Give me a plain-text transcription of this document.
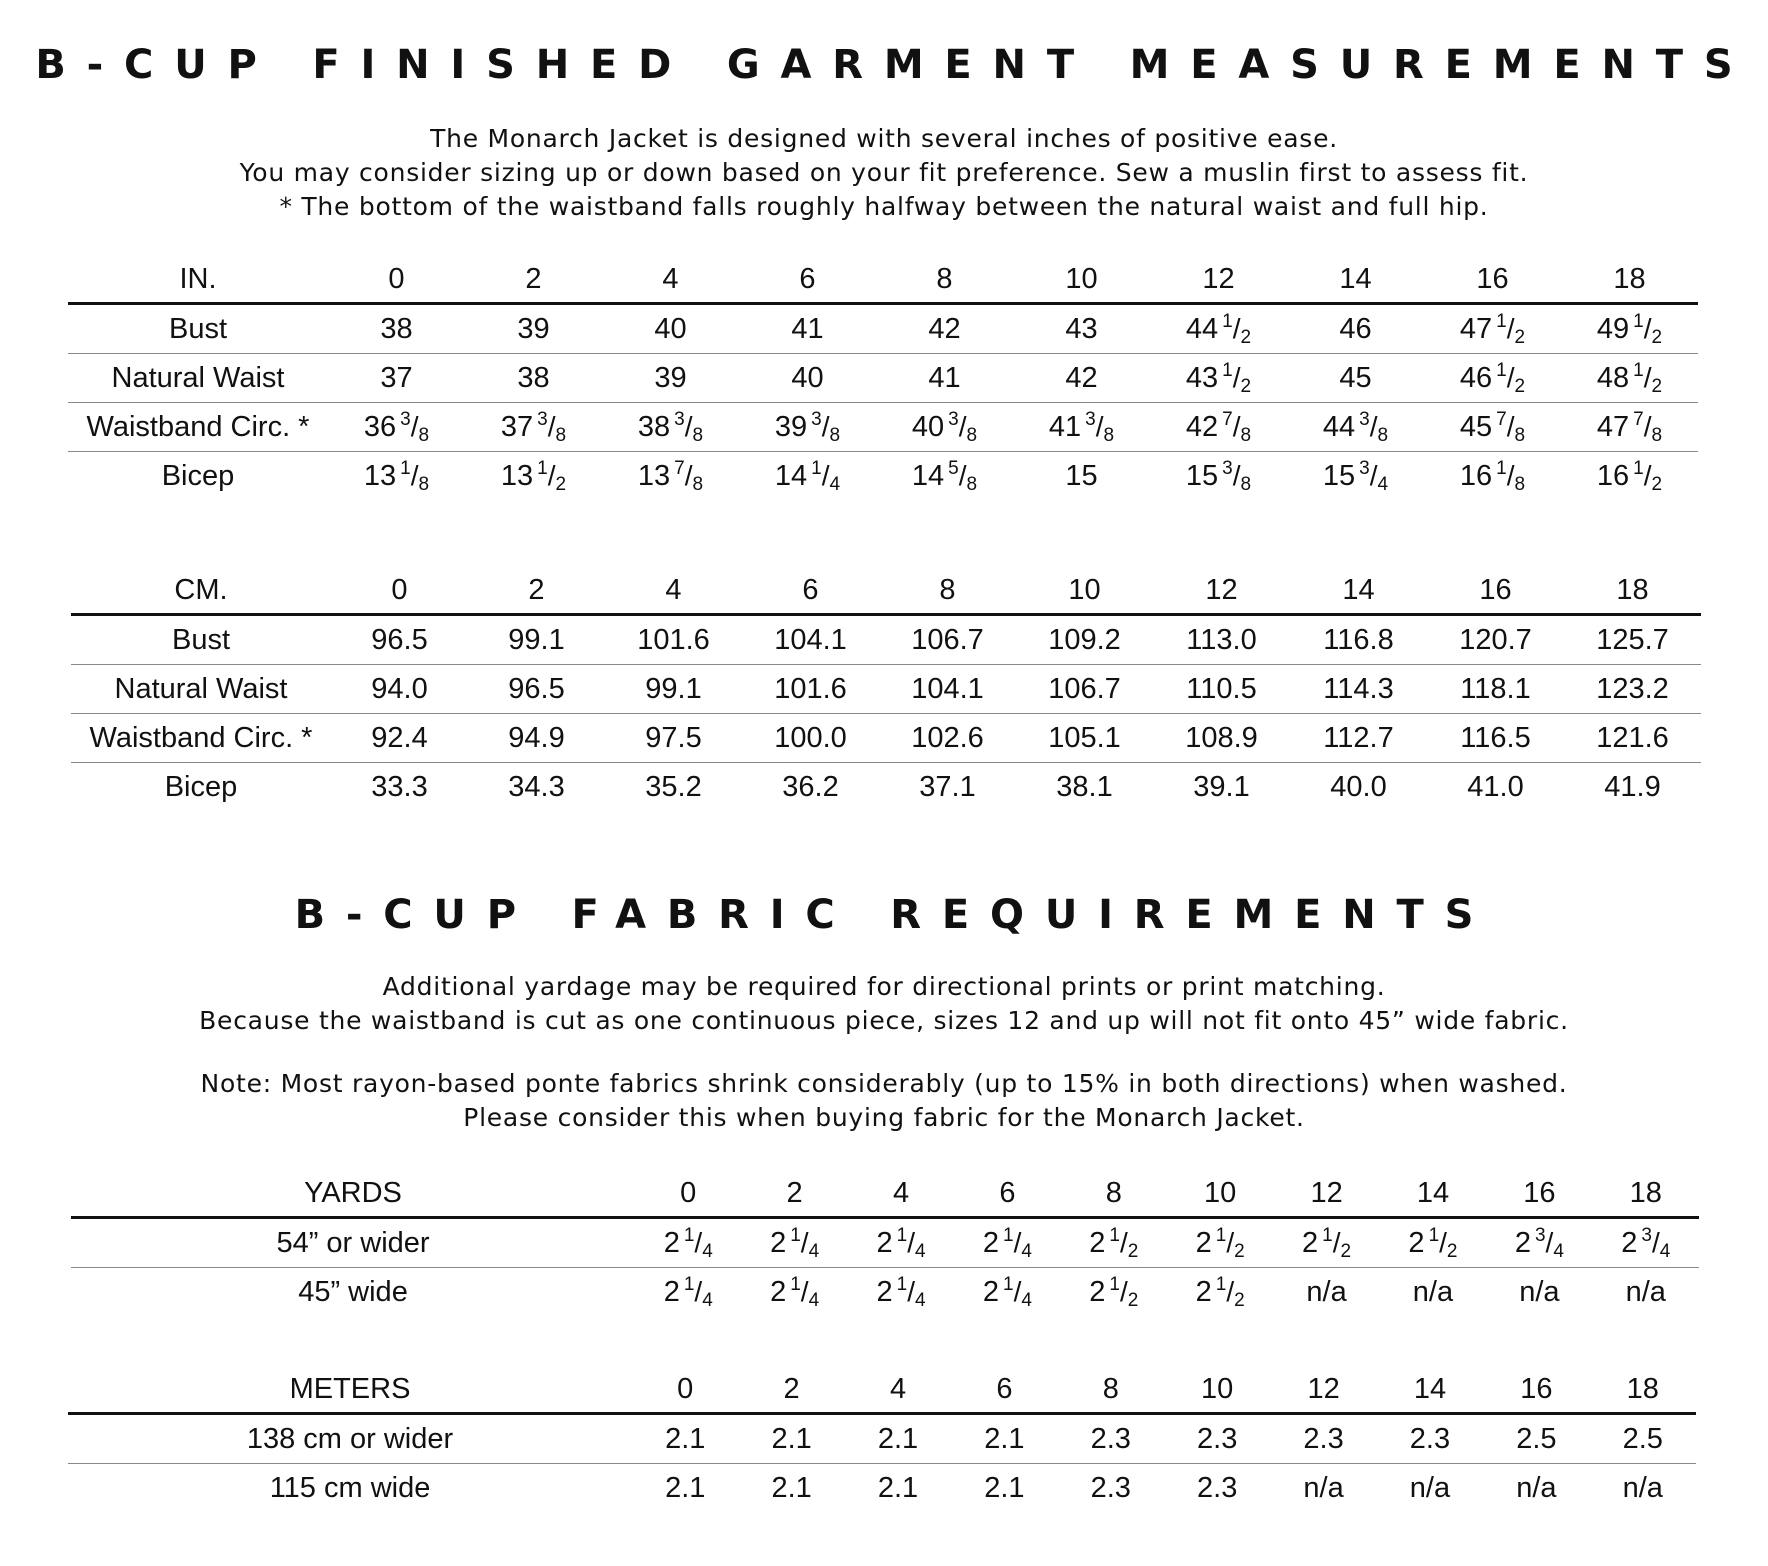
B-CUP FINISHED GARMENT MEASUREMENTS
The Monarch Jacket is designed with several inches of positive ease.
You may consider sizing up or down based on your fit preference. Sew a muslin first to assess fit.
* The bottom of the waistband falls roughly halfway between the natural waist and full hip.
IN.	0	2	4	6	8	10	12	14	16	18
Bust	38	39	40	41	42	43	44 $^1$/2	46	47 $^1$/2	49 $^1$/2
Natural Waist	37	38	39	40	41	42	43 $^1$/2	45	46 $^1$/2	48 $^1$/2
Waistband Circ. *	36 $^3$/8	37 $^3$/8	38 $^3$/8	39 $^3$/8	40 $^3$/8	41 $^3$/8	42 $^7$/8	44 $^3$/8	45 $^7$/8	47 $^7$/8
Bicep	13 $^1$/8	13 $^1$/2	13 $^7$/8	14 $^1$/4	14 $^5$/8	15	15 $^3$/8	15 $^3$/4	16 $^1$/8	16 $^1$/2
CM.	0	2	4	6	8	10	12	14	16	18
Bust	96.5	99.1	101.6	104.1	106.7	109.2	113.0	116.8	120.7	125.7
Natural Waist	94.0	96.5	99.1	101.6	104.1	106.7	110.5	114.3	118.1	123.2
Waistband Circ. *	92.4	94.9	97.5	100.0	102.6	105.1	108.9	112.7	116.5	121.6
Bicep	33.3	34.3	35.2	36.2	37.1	38.1	39.1	40.0	41.0	41.9
B-CUP FABRIC REQUIREMENTS
Additional yardage may be required for directional prints or print matching.
Because the waistband is cut as one continuous piece, sizes 12 and up will not fit onto 45” wide fabric.
Note: Most rayon-based ponte fabrics shrink considerably (up to 15% in both directions) when washed.
Please consider this when buying fabric for the Monarch Jacket.
YARDS	0	2	4	6	8	10	12	14	16	18
54” or wider	2 $^1$/4	2 $^1$/4	2 $^1$/4	2 $^1$/4	2 $^1$/2	2 $^1$/2	2 $^1$/2	2 $^1$/2	2 $^3$/4	2 $^3$/4
45” wide	2 $^1$/4	2 $^1$/4	2 $^1$/4	2 $^1$/4	2 $^1$/2	2 $^1$/2	n/a	n/a	n/a	n/a
METERS	0	2	4	6	8	10	12	14	16	18
138 cm or wider	2.1	2.1	2.1	2.1	2.3	2.3	2.3	2.3	2.5	2.5
115 cm wide	2.1	2.1	2.1	2.1	2.3	2.3	n/a	n/a	n/a	n/a
